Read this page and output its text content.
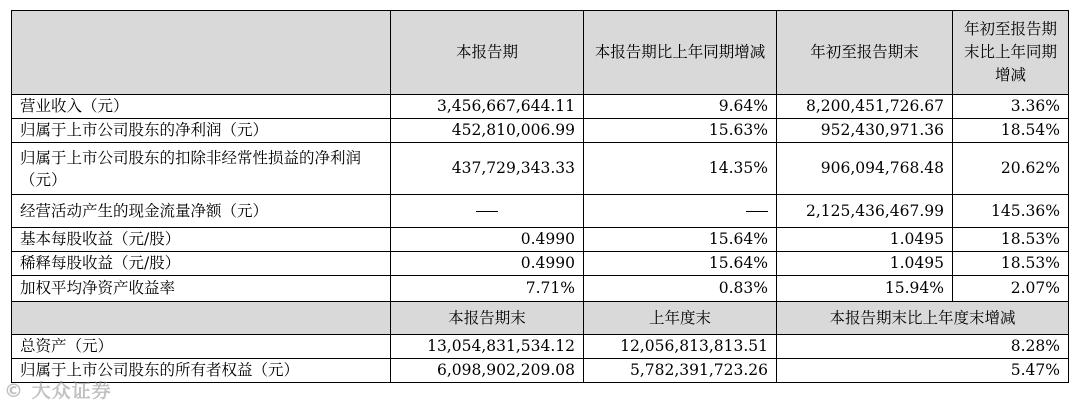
	本报告期	本报告期比上年同期增减	年初至报告期末	年初至报告期末比上年同期增减
营业收入（元）	3,456,667,644.11	9.64%	8,200,451,726.67	3.36%
归属于上市公司股东的净利润（元）	452,810,006.99	15.63%	952,430,971.36	18.54%
归属于上市公司股东的扣除非经常性损益的净利润（元）	437,729,343.33	14.35%	906,094,768.48	20.62%
经营活动产生的现金流量净额（元）			2,125,436,467.99	145.36%
基本每股收益（元/股）	0.4990	15.64%	1.0495	18.53%
稀释每股收益（元/股）	0.4990	15.64%	1.0495	18.53%
加权平均净资产收益率	7.71%	0.83%	15.94%	2.07%
	本报告期末	上年度末	本报告期末比上年度末增减	
总资产（元）	13,054,831,534.12	12,056,813,813.51	8.28%	
归属于上市公司股东的所有者权益（元）	6,098,902,209.08	5,782,391,723.26	5.47%	
© 大众证券
